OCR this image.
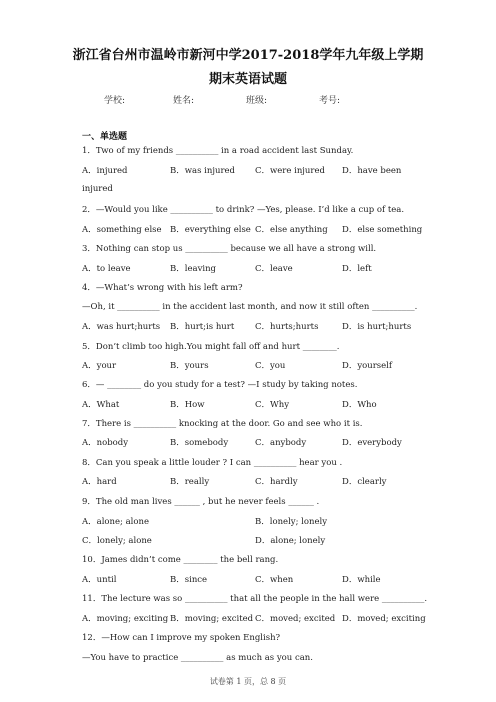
浙江省台州市温岭市新河中学2017-2018学年九年级上学期
期末英语试题
学校:	姓名:	班级:	考号:
一、单选题
1．Two of my friends __________ in a road accident last Sunday.
A．injured	B．was injured C．were injured D．have been
injured
2．—Would you like __________ to drink? —Yes, please. I’d like a cup of tea.
A．something else B．everything else C．else anything D．else something
3．Nothing can stop us __________ because we all have a strong will.
A．to leave	B．leaving	C．leave	D．left
4．—What’s wrong with his left arm?
—Oh, it __________ in the accident last month, and now it still often __________.
A．was hurt;hurts B．hurt;is hurt C．hurts;hurts	D．is hurt;hurts
5．Don’t climb too high.You might fall off and hurt ________.
A．your	B．yours	C．you	D．yourself
6．— ________ do you study for a test? —I study by taking notes.
A．What	B．How	C．Why	D．Who
7．There is __________ knocking at the door. Go and see who it is.
A．nobody	B．somebody	C．anybody	D．everybody
8．Can you speak a little louder ? I can __________ hear you .
A．hard	B．really	C．hardly	D．clearly
9．The old man lives ______ , but he never feels ______ .
A．alone; alone	B．lonely; lonely
C．lonely; alone	D．alone; lonely
10．James didn’t come ________ the bell rang.
A．until	B．since	C．when	D．while
11．The lecture was so __________ that all the people in the hall were __________.
A．moving; exciting B．moving; excited C．moved; excited D．moved; exciting
12．—How can I improve my spoken English?
—You have to practice __________ as much as you can.
试卷第 1 页，总 8 页
